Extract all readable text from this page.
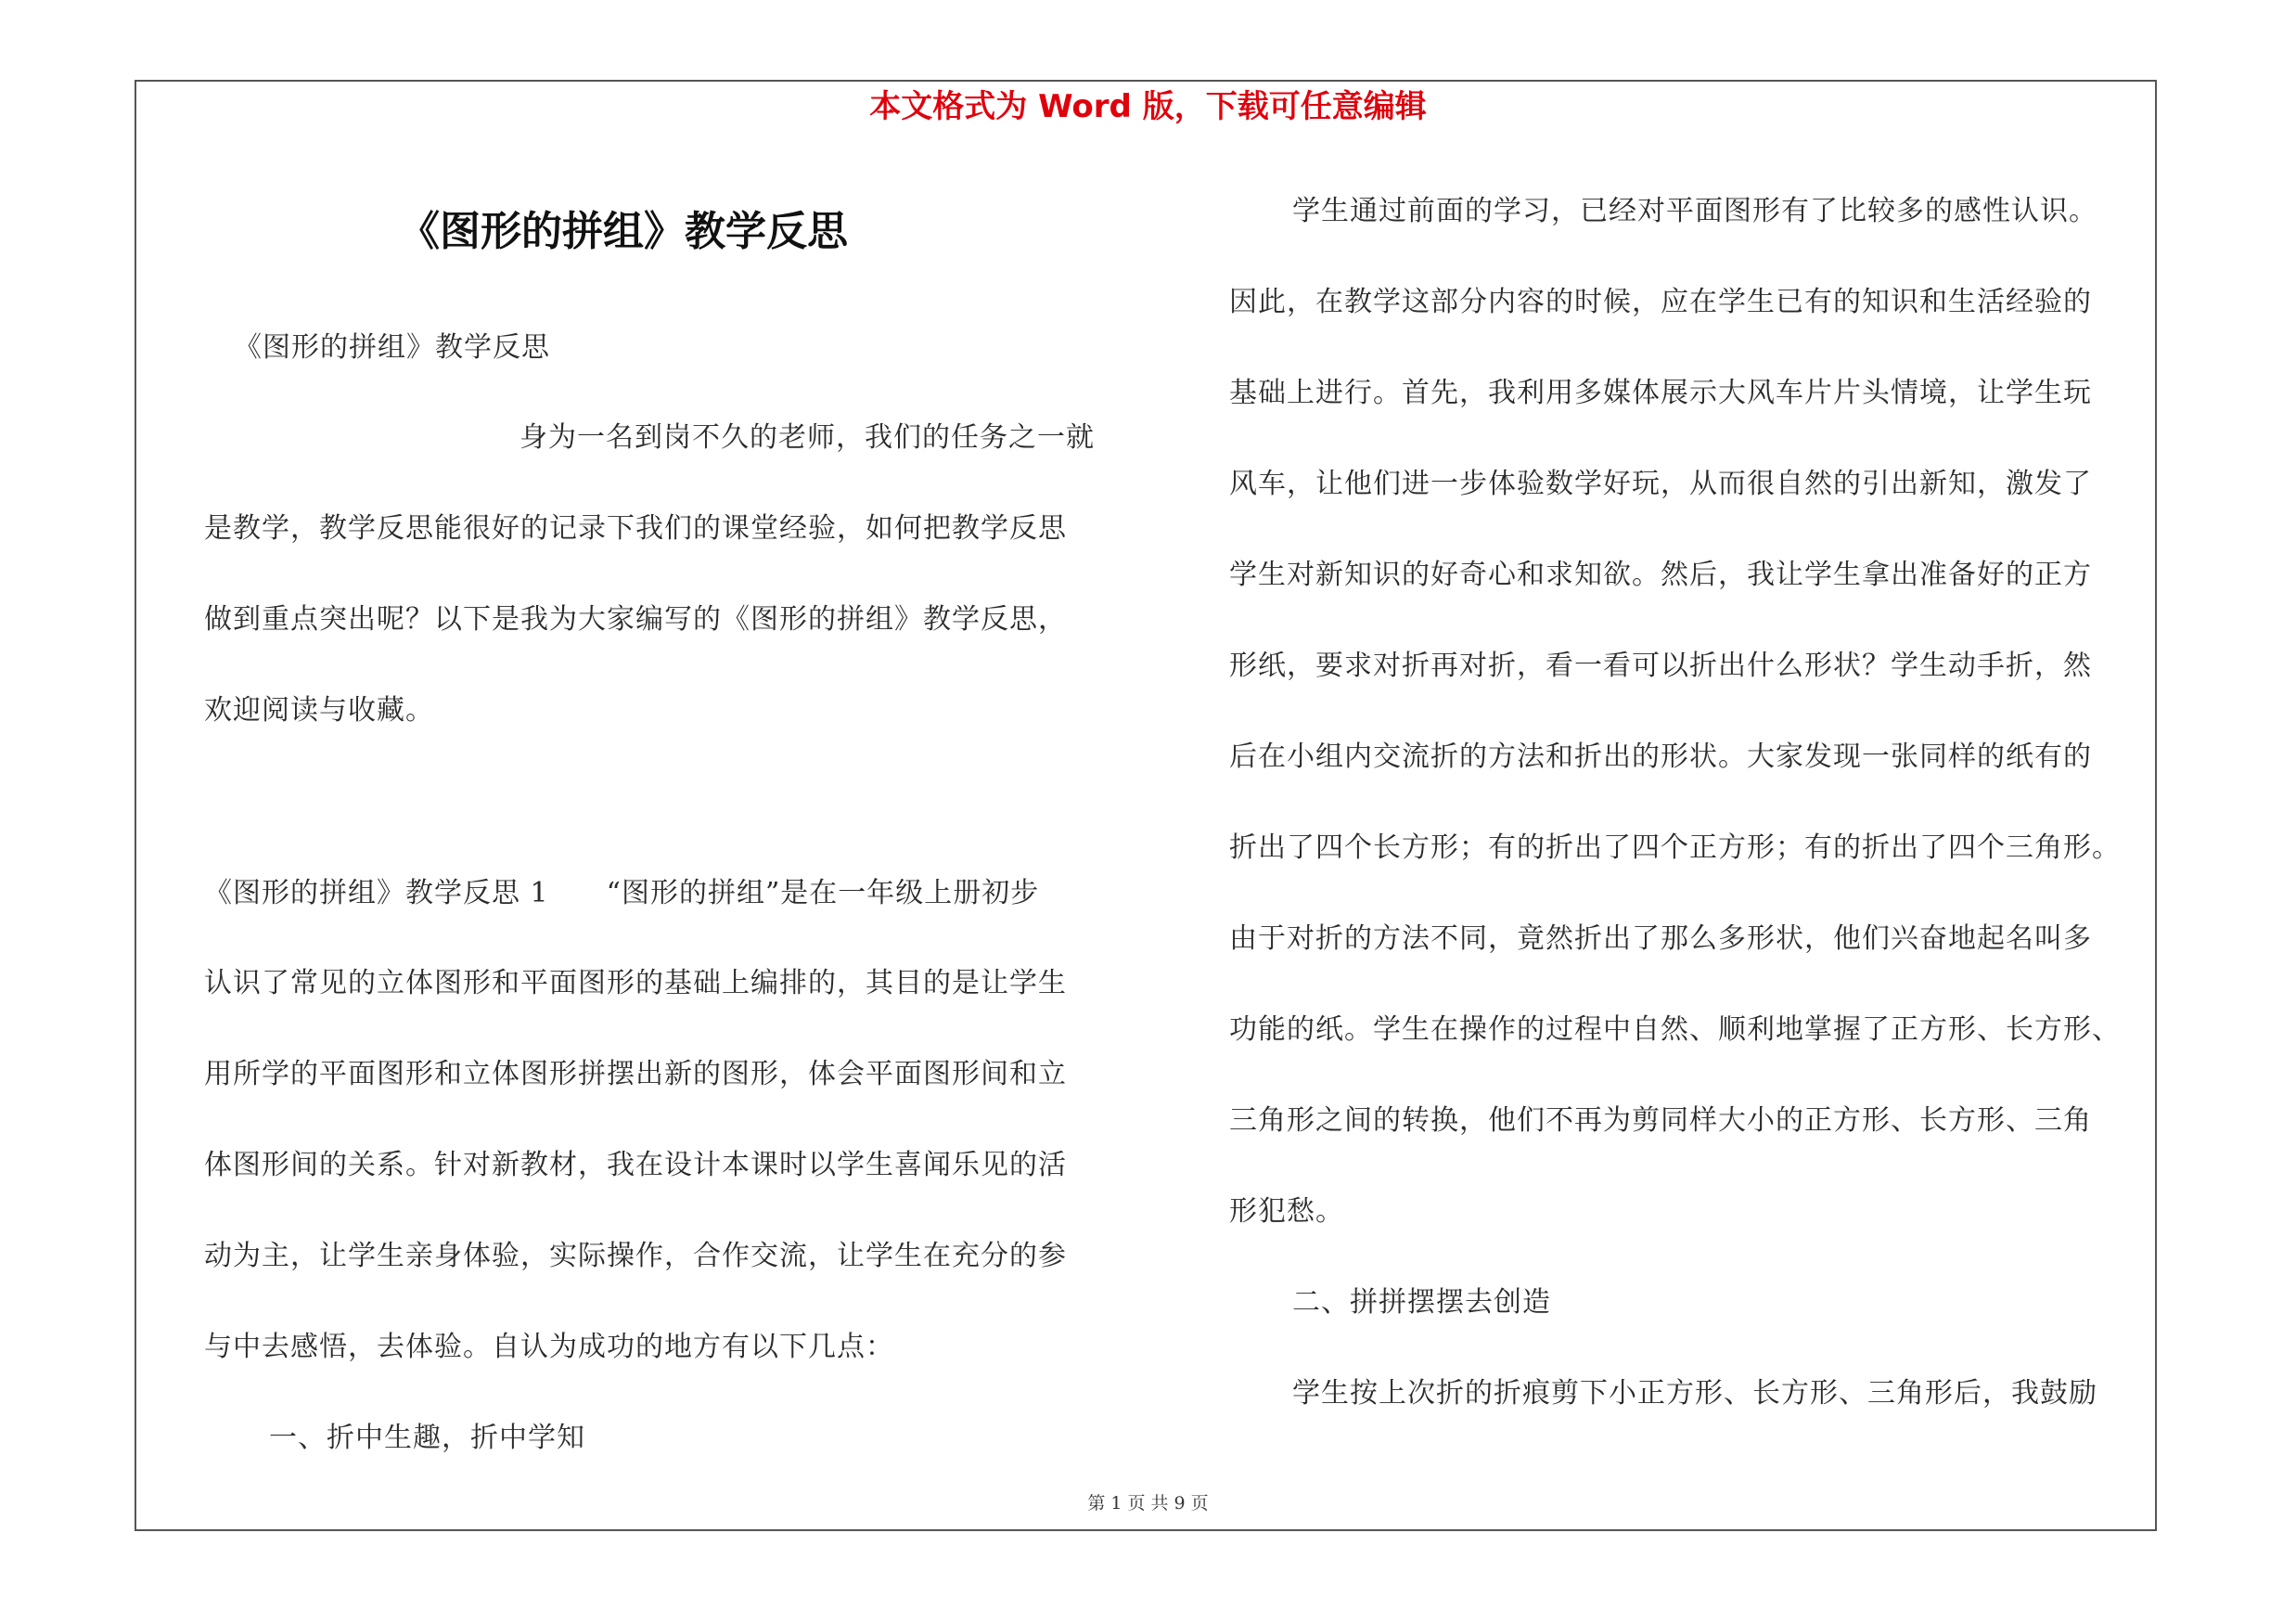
本文格式为 Word 版，下载可任意编辑
《图形的拼组》教学反思
《图形的拼组》教学反思
身为一名到岗不久的老师，我们的任务之一就
是教学，教学反思能很好的记录下我们的课堂经验，如何把教学反思
做到重点突出呢？以下是我为大家编写的《图形的拼组》教学反思，
欢迎阅读与收藏。
《图形的拼组》教学反思 1　　“图形的拼组”是在一年级上册初步
认识了常见的立体图形和平面图形的基础上编排的，其目的是让学生
用所学的平面图形和立体图形拼摆出新的图形，体会平面图形间和立
体图形间的关系。针对新教材，我在设计本课时以学生喜闻乐见的活
动为主，让学生亲身体验，实际操作，合作交流，让学生在充分的参
与中去感悟，去体验。自认为成功的地方有以下几点：
一、折中生趣，折中学知
学生通过前面的学习，已经对平面图形有了比较多的感性认识。
因此，在教学这部分内容的时候，应在学生已有的知识和生活经验的
基础上进行。首先，我利用多媒体展示大风车片片头情境，让学生玩
风车，让他们进一步体验数学好玩，从而很自然的引出新知，激发了
学生对新知识的好奇心和求知欲。然后，我让学生拿出准备好的正方
形纸，要求对折再对折，看一看可以折出什么形状？学生动手折，然
后在小组内交流折的方法和折出的形状。大家发现一张同样的纸有的
折出了四个长方形；有的折出了四个正方形；有的折出了四个三角形。
由于对折的方法不同，竟然折出了那么多形状，他们兴奋地起名叫多
功能的纸。学生在操作的过程中自然、顺利地掌握了正方形、长方形、
三角形之间的转换，他们不再为剪同样大小的正方形、长方形、三角
形犯愁。
二、拼拼摆摆去创造
学生按上次折的折痕剪下小正方形、长方形、三角形后，我鼓励
第 1 页 共 9 页
